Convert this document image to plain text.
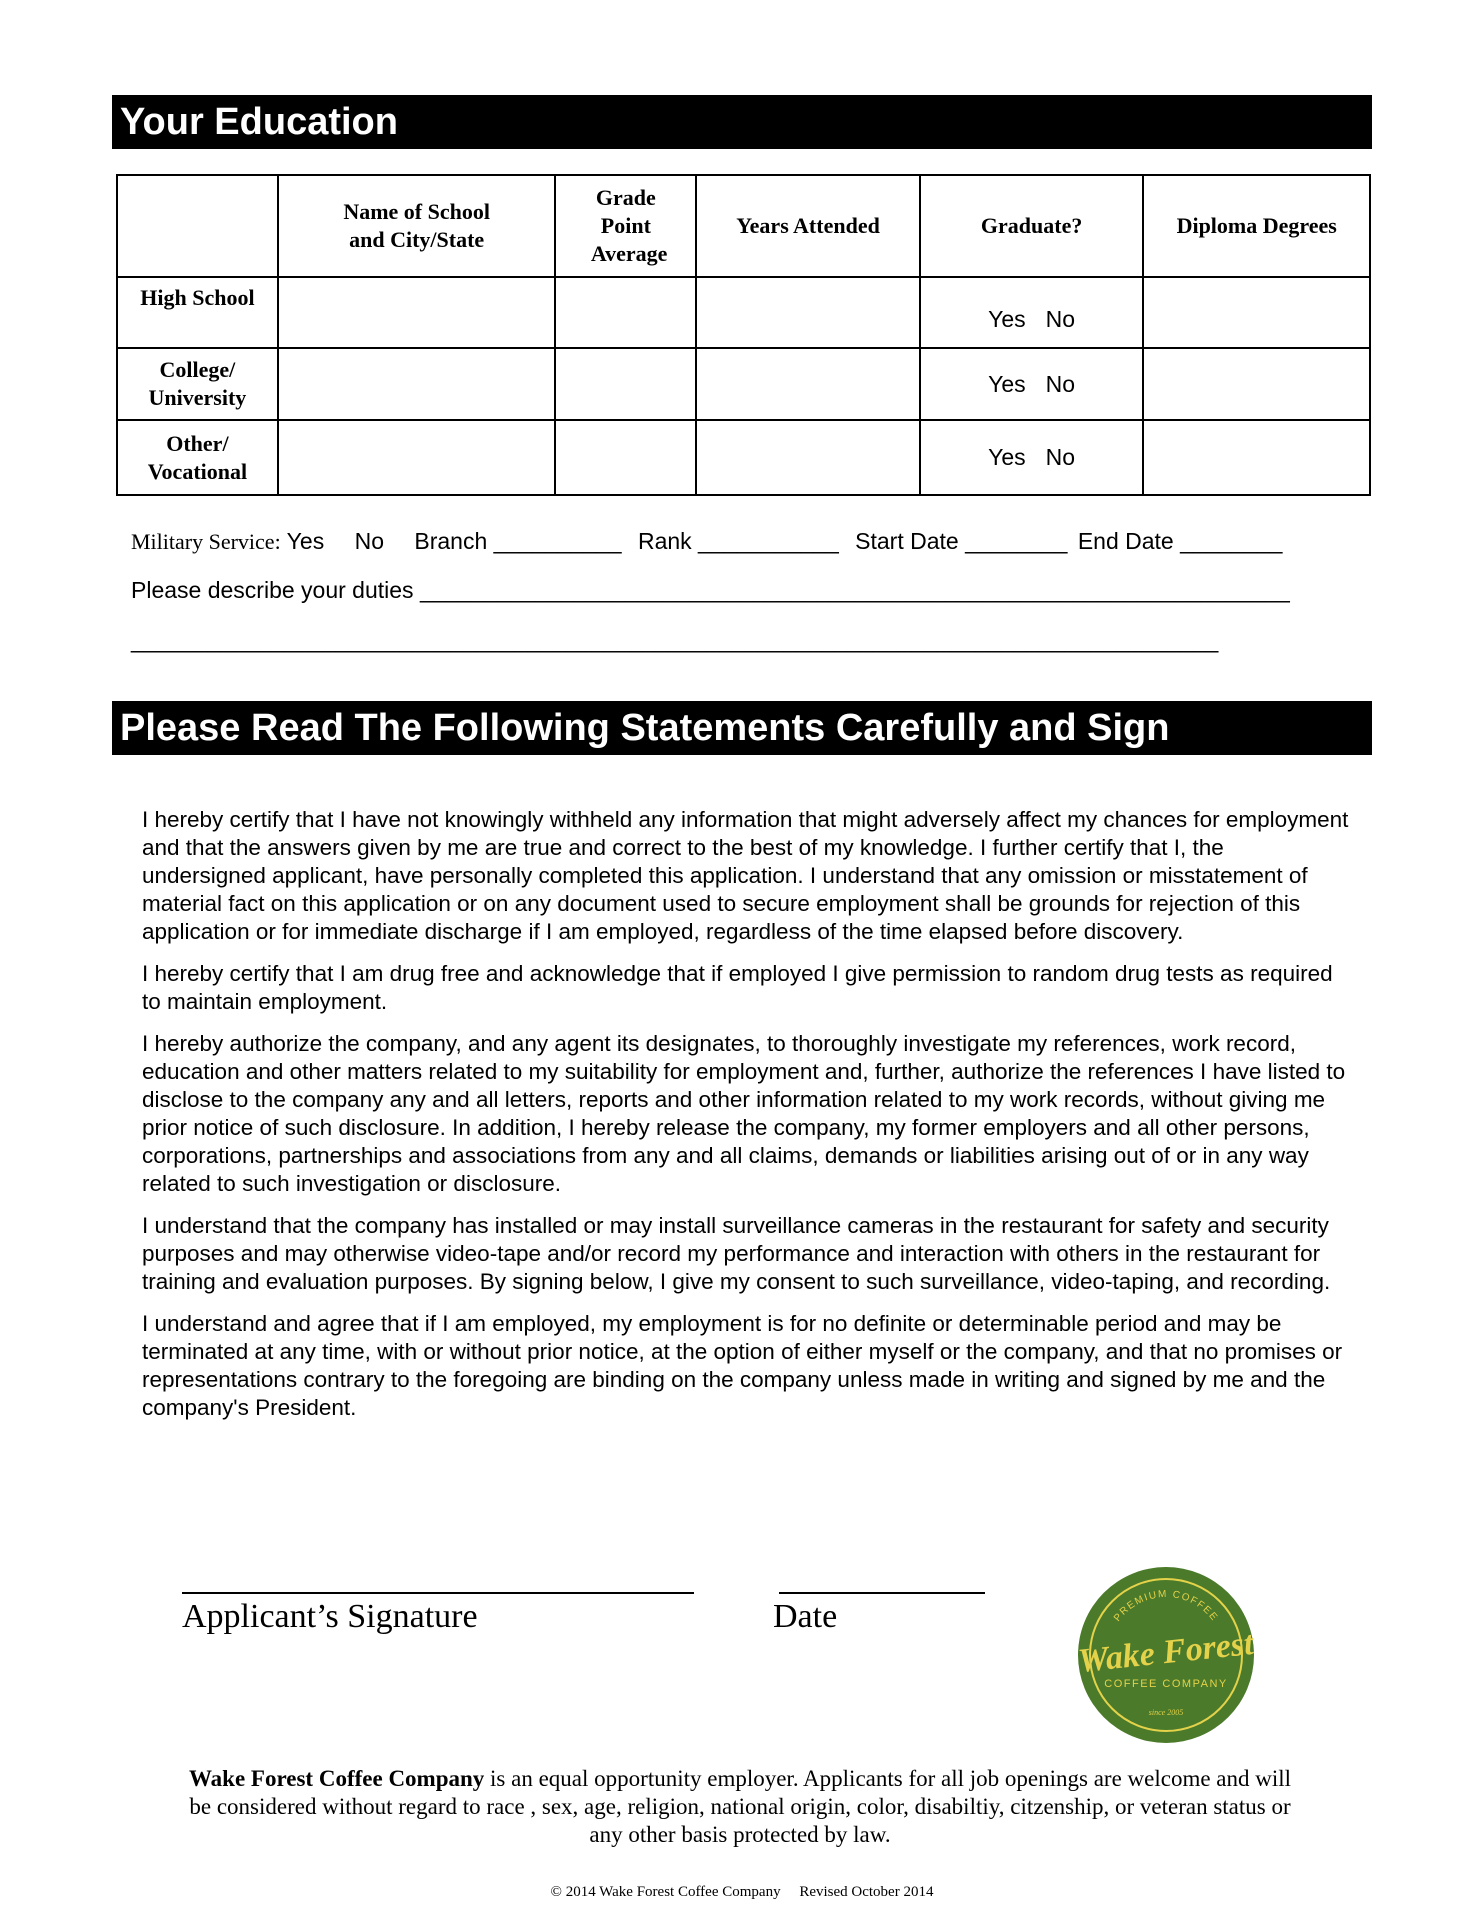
Your Education

	Name of School and City/State	Grade Point Average	Years Attended	Graduate?	Diploma Degrees
High School				Yes No	

College/ University				Yes No	

Other/ Vocational				Yes No	
Military Service: Yes No Branch __________ Rank ___________ Start Date ________ End Date ________
Please describe your duties ____________________________________________________________________
_____________________________________________________________________________________
Please Read The Following Statements Carefully and Sign

I hereby certify that I have not knowingly withheld any information that might adversely affect my chances for employment and that the answers given by me are true and correct to the best of my knowledge. I further certify that I, the undersigned applicant, have personally completed this application. I understand that any omission or misstatement of material fact on this application or on any document used to secure employment shall be grounds for rejection of this application or for immediate discharge if I am employed, regardless of the time elapsed before discovery.

I hereby certify that I am drug free and acknowledge that if employed I give permission to random drug tests as required to maintain employment.

I hereby authorize the company, and any agent its designates, to thoroughly investigate my references, work record, education and other matters related to my suitability for employment and, further, authorize the references I have listed to disclose to the company any and all letters, reports and other information related to my work records, without giving me prior notice of such disclosure. In addition, I hereby release the company, my former employers and all other persons, corporations, partnerships and associations from any and all claims, demands or liabilities arising out of or in any way related to such investigation or disclosure.

I understand that the company has installed or may install surveillance cameras in the restaurant for safety and security purposes and may otherwise video-tape and/or record my performance and interaction with others in the restaurant for training and evaluation purposes. By signing below, I give my consent to such surveillance, video-taping, and recording.

I understand and agree that if I am employed, my employment is for no definite or determinable period and may be terminated at any time, with or without prior notice, at the option of either myself or the company, and that no promises or representations contrary to the foregoing are binding on the company unless made in writing and signed by me and the company's President.

Applicant’s Signature	Date	PREMIUM COFFEE
Wake Forest
COFFEE COMPANY
since 2005
Wake Forest Coffee Company is an equal opportunity employer. Applicants for all job openings are welcome and will be considered without regard to race , sex, age, religion, national origin, color, disabiltiy, citzenship, or veteran status or any other basis protected by law.
© 2014 Wake Forest Coffee Company     Revised October 2014
